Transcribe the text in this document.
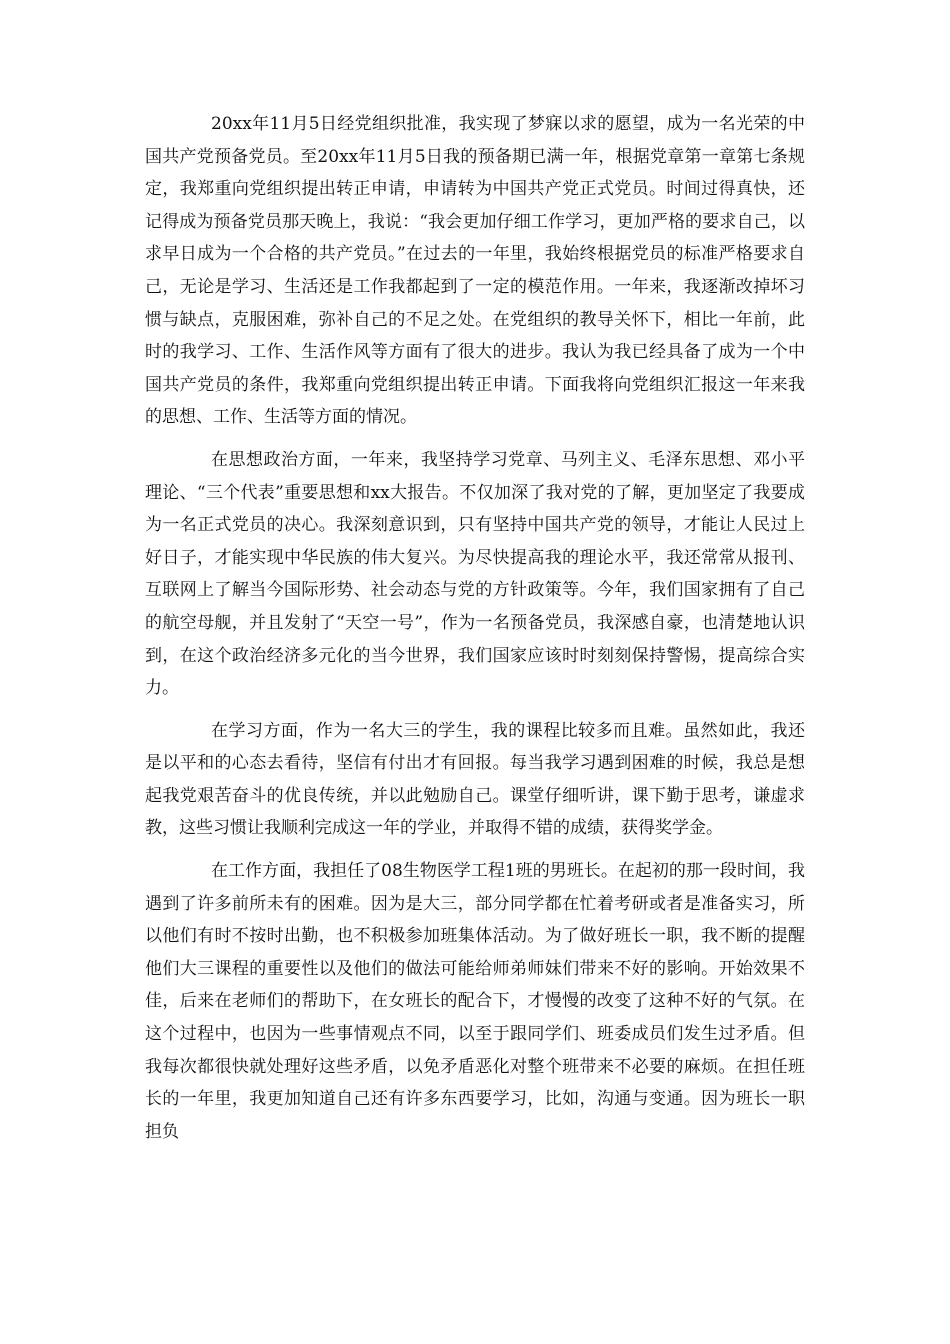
20xx年11月5日经党组织批准，我实现了梦寐以求的愿望，成为一名光荣的中国共产党预备党员。至20xx年11月5日我的预备期已满一年，根据党章第一章第七条规定，我郑重向党组织提出转正申请，申请转为中国共产党正式党员。时间过得真快，还记得成为预备党员那天晚上，我说：“我会更加仔细工作学习，更加严格的要求自己，以求早日成为一个合格的共产党员。”在过去的一年里，我始终根据党员的标准严格要求自己，无论是学习、生活还是工作我都起到了一定的模范作用。一年来，我逐渐改掉坏习惯与缺点，克服困难，弥补自己的不足之处。在党组织的教导关怀下，相比一年前，此时的我学习、工作、生活作风等方面有了很大的进步。我认为我已经具备了成为一个中国共产党员的条件，我郑重向党组织提出转正申请。下面我将向党组织汇报这一年来我的思想、工作、生活等方面的情况。

在思想政治方面，一年来，我坚持学习党章、马列主义、毛泽东思想、邓小平理论、“三个代表”重要思想和xx大报告。不仅加深了我对党的了解，更加坚定了我要成为一名正式党员的决心。我深刻意识到，只有坚持中国共产党的领导，才能让人民过上好日子，才能实现中华民族的伟大复兴。为尽快提高我的理论水平，我还常常从报刊、互联网上了解当今国际形势、社会动态与党的方针政策等。今年，我们国家拥有了自己的航空母舰，并且发射了“天空一号”，作为一名预备党员，我深感自豪，也清楚地认识到，在这个政治经济多元化的当今世界，我们国家应该时时刻刻保持警惕，提高综合实力。

在学习方面，作为一名大三的学生，我的课程比较多而且难。虽然如此，我还是以平和的心态去看待，坚信有付出才有回报。每当我学习遇到困难的时候，我总是想起我党艰苦奋斗的优良传统，并以此勉励自己。课堂仔细听讲，课下勤于思考，谦虚求教，这些习惯让我顺利完成这一年的学业，并取得不错的成绩，获得奖学金。

在工作方面，我担任了08生物医学工程1班的男班长。在起初的那一段时间，我遇到了许多前所未有的困难。因为是大三，部分同学都在忙着考研或者是准备实习，所以他们有时不按时出勤，也不积极参加班集体活动。为了做好班长一职，我不断的提醒他们大三课程的重要性以及他们的做法可能给师弟师妹们带来不好的影响。开始效果不佳，后来在老师们的帮助下，在女班长的配合下，才慢慢的改变了这种不好的气氛。在这个过程中，也因为一些事情观点不同，以至于跟同学们、班委成员们发生过矛盾。但我每次都很快就处理好这些矛盾，以免矛盾恶化对整个班带来不必要的麻烦。在担任班长的一年里，我更加知道自己还有许多东西要学习，比如，沟通与变通。因为班长一职担负
